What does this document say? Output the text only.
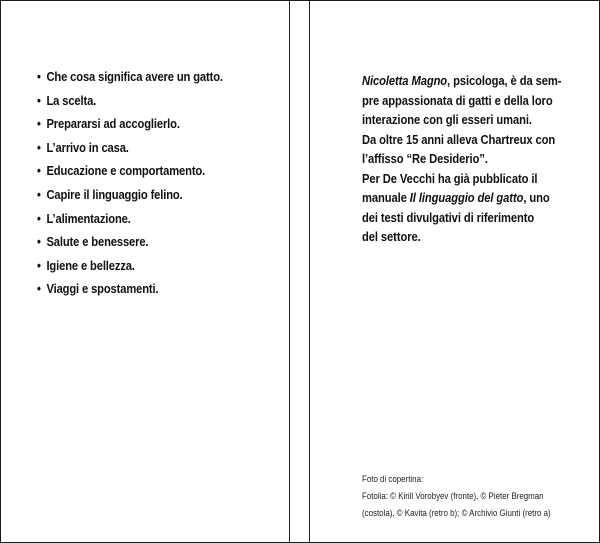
• Che cosa significa avere un gatto.
• La scelta.
• Prepararsi ad accoglierlo.
• L’arrivo in casa.
• Educazione e comportamento.
• Capire il linguaggio felino.
• L’alimentazione.
• Salute e benessere.
• Igiene e bellezza.
• Viaggi e spostamenti.
Nicoletta Magno, psicologa, è da sem-
pre appassionata di gatti e della loro
interazione con gli esseri umani.
Da oltre 15 anni alleva Chartreux con
l’affisso “Re Desiderio”.
Per De Vecchi ha già pubblicato il
manuale Il linguaggio del gatto, uno
dei testi divulgativi di riferimento
del settore.
Foto di copertina:
Fotolia: © Kirill Vorobyev (fronte), © Pieter Bregman
(costola), © Kavita (retro b); © Archivio Giunti (retro a)
